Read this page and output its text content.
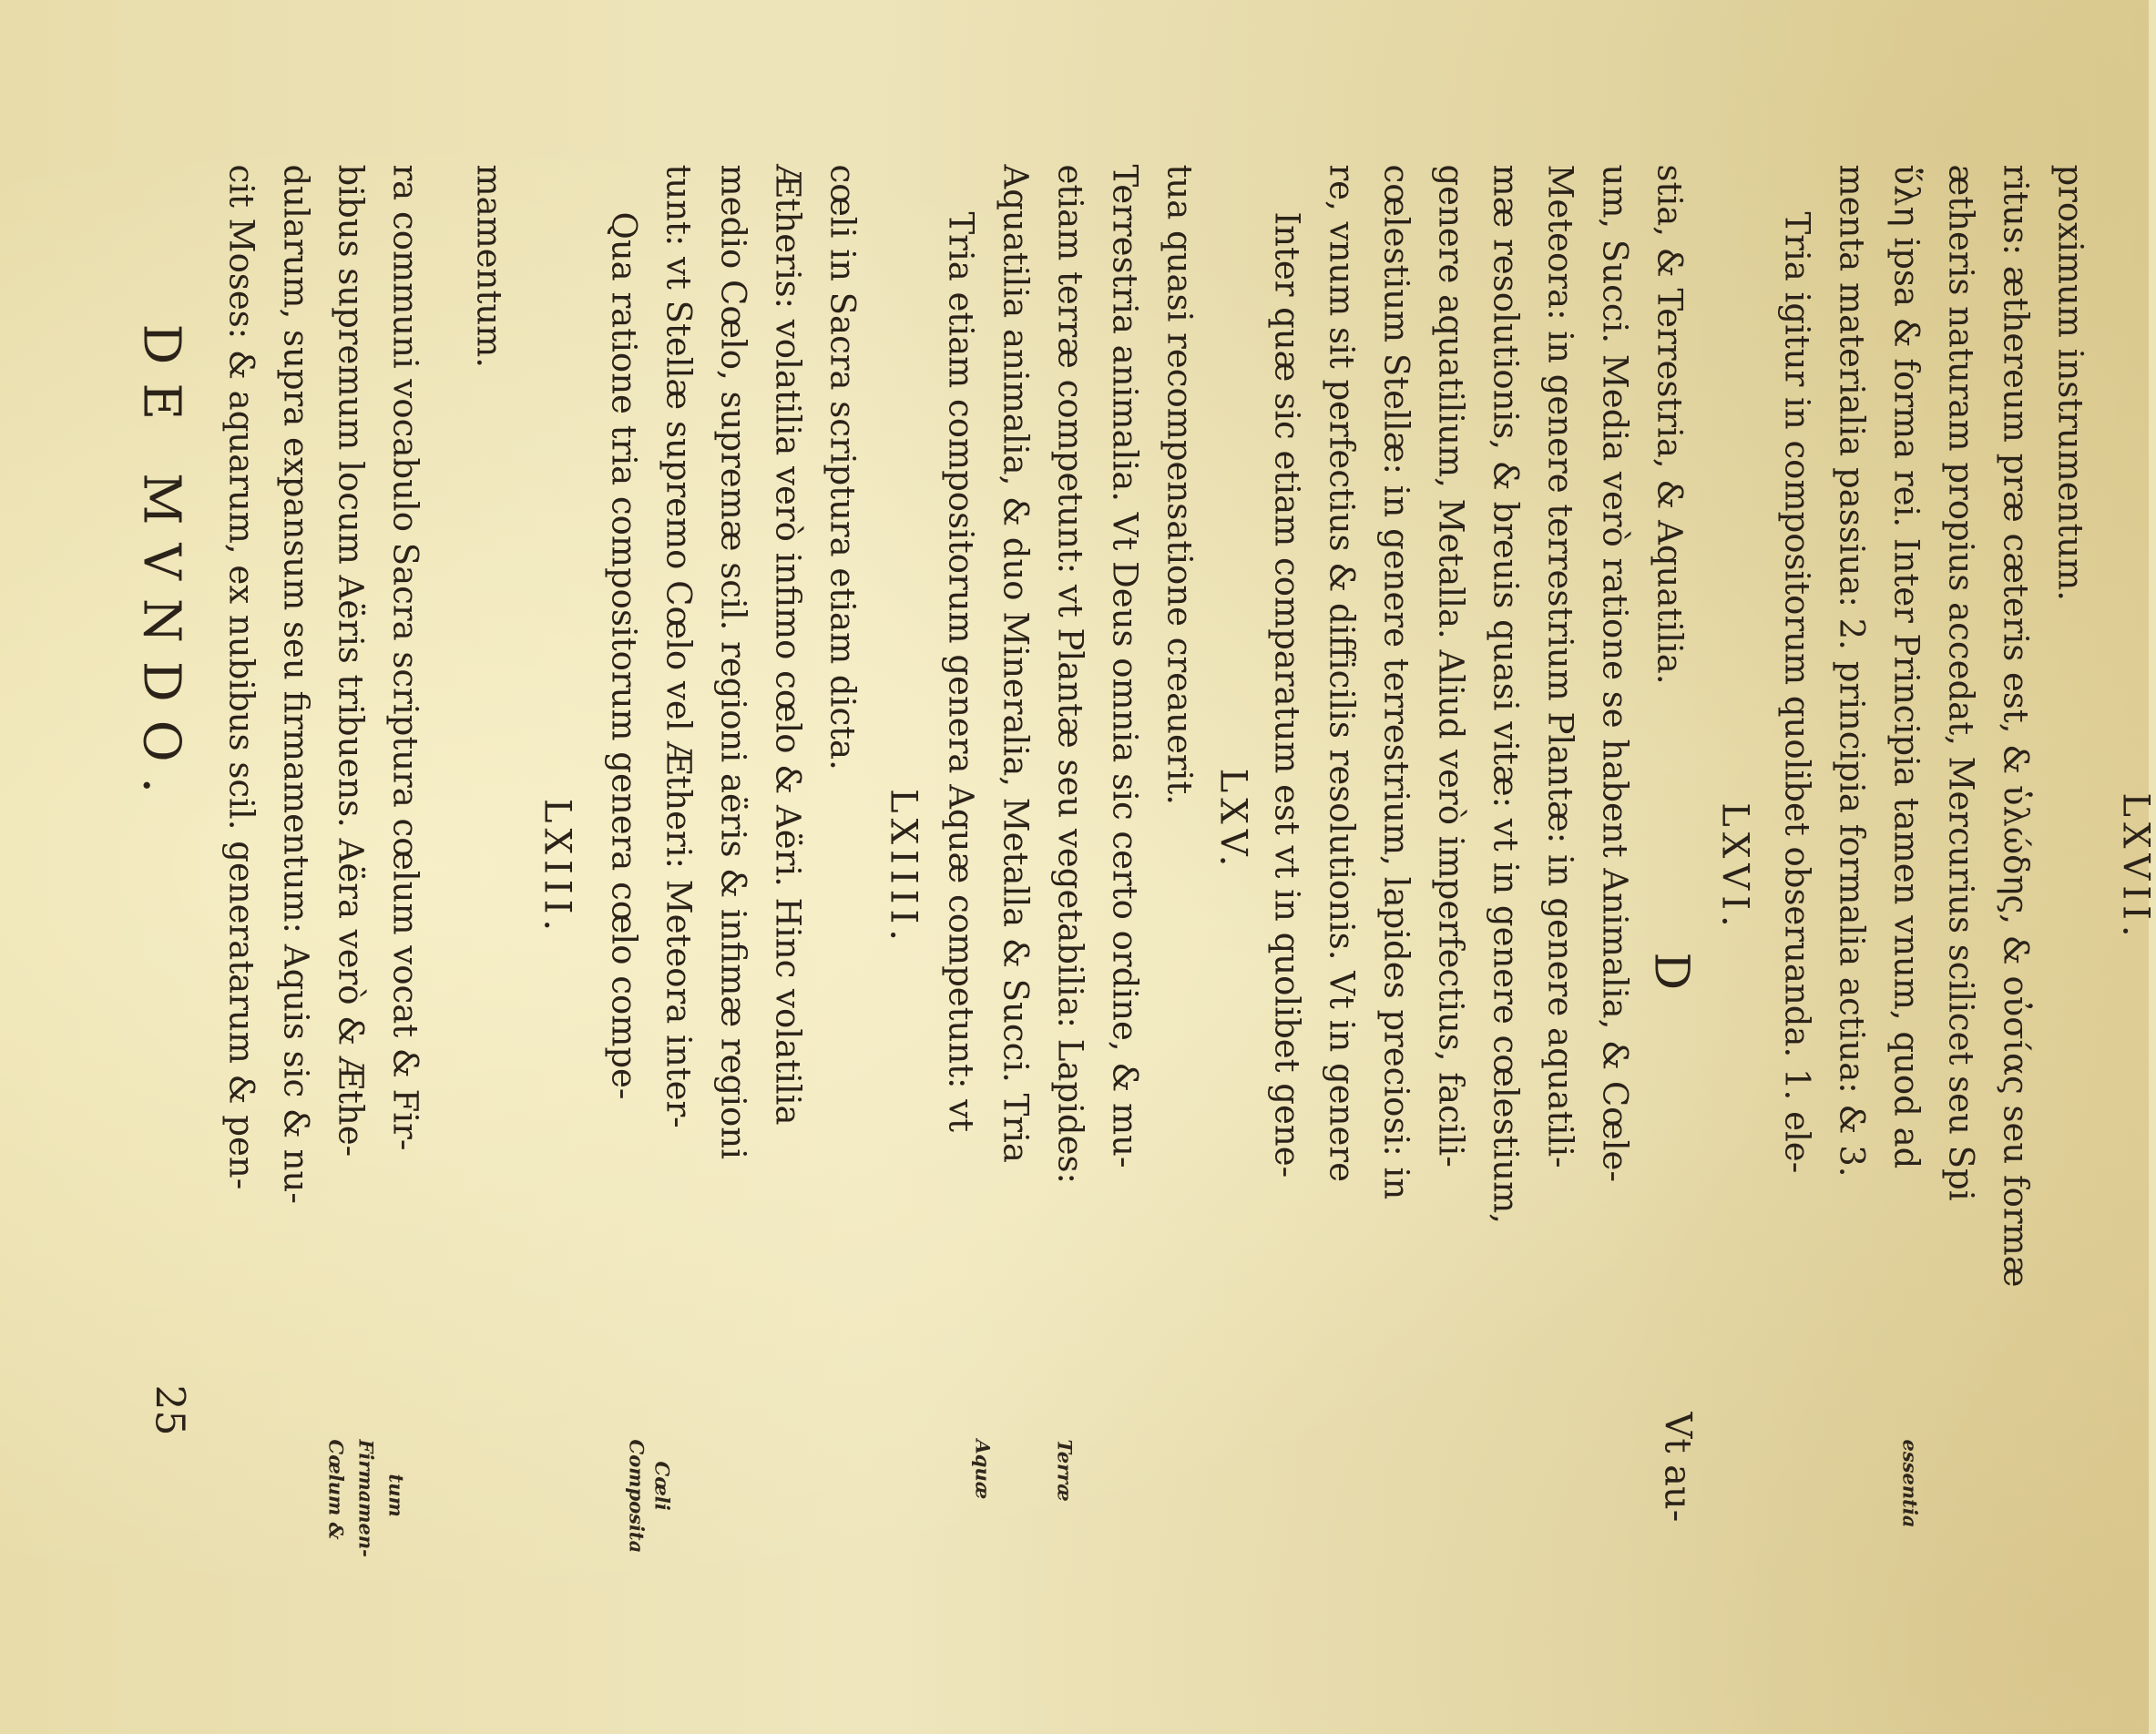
DE MVNDO.
25
cit Moses: & aquarum, ex nubibus scil. generatarum & pen- dularum, supra expansum seu firmamentum: Aquis sic & nu- bibus supremum locum Aëris tribuens. Aëra verò & Æthe- ra communi vocabulo Sacra scriptura cœlum vocat & Fir- mamentum.
LXIII. Qua ratione tria compositorum genera cœlo compe- tunt: vt Stellæ supremo Cœlo vel Ætheri: Meteora inter- medio Cœlo, supremæ scil. regioni aëris & infimæ regioni Ætheris: volatilia verò infimo cœlo & Aëri. Hinc volatilia cœli in Sacra scriptura etiam dicta.
LXIIII. Tria etiam compositorum genera Aquæ competunt: vt Aquatilia animalia, & duo Mineralia, Metalla & Succi. Tria etiam terræ competunt: vt Plantæ seu vegetabilia: Lapides: Terrestria animalia. Vt Deus omnia sic certo ordine, & mu- tua quasi recompensatione creauerit.
LXV. Inter quæ sic etiam comparatum est vt in quolibet gene- re, vnum sit perfectius & difficilis resolutionis. Vt in genere cœlestium Stellæ: in genere terrestrium, lapides preciosi: in genere aquatilium, Metalla. Aliud verò imperfectius, facili- mæ resolutionis, & breuis quasi vitæ: vt in genere cœlestium, Meteora: in genere terrestrium Plantæ: in genere aquatili- um, Succi. Media verò ratione se habent Animalia, & Cœle- stia, & Terrestria, & Aquatilia.
LXVI. Tria igitur in compositorum quolibet obseruanda. 1. ele- menta materialia passiua: 2. principia formalia actiua: & 3. ὕλη ipsa & forma rei. Inter Principia tamen vnum, quod ad ætheris naturam propius accedat, Mercurius scilicet seu Spi ritus: æthereum præ cæteris est, & ὑλώδης, & οὐσίας seu formæ proximum instrumentum.
LXVII.
D
Vt au-
Cœlum & Firmamen- tum	Composita Cœli	Aquæ	Terræ	essentia
